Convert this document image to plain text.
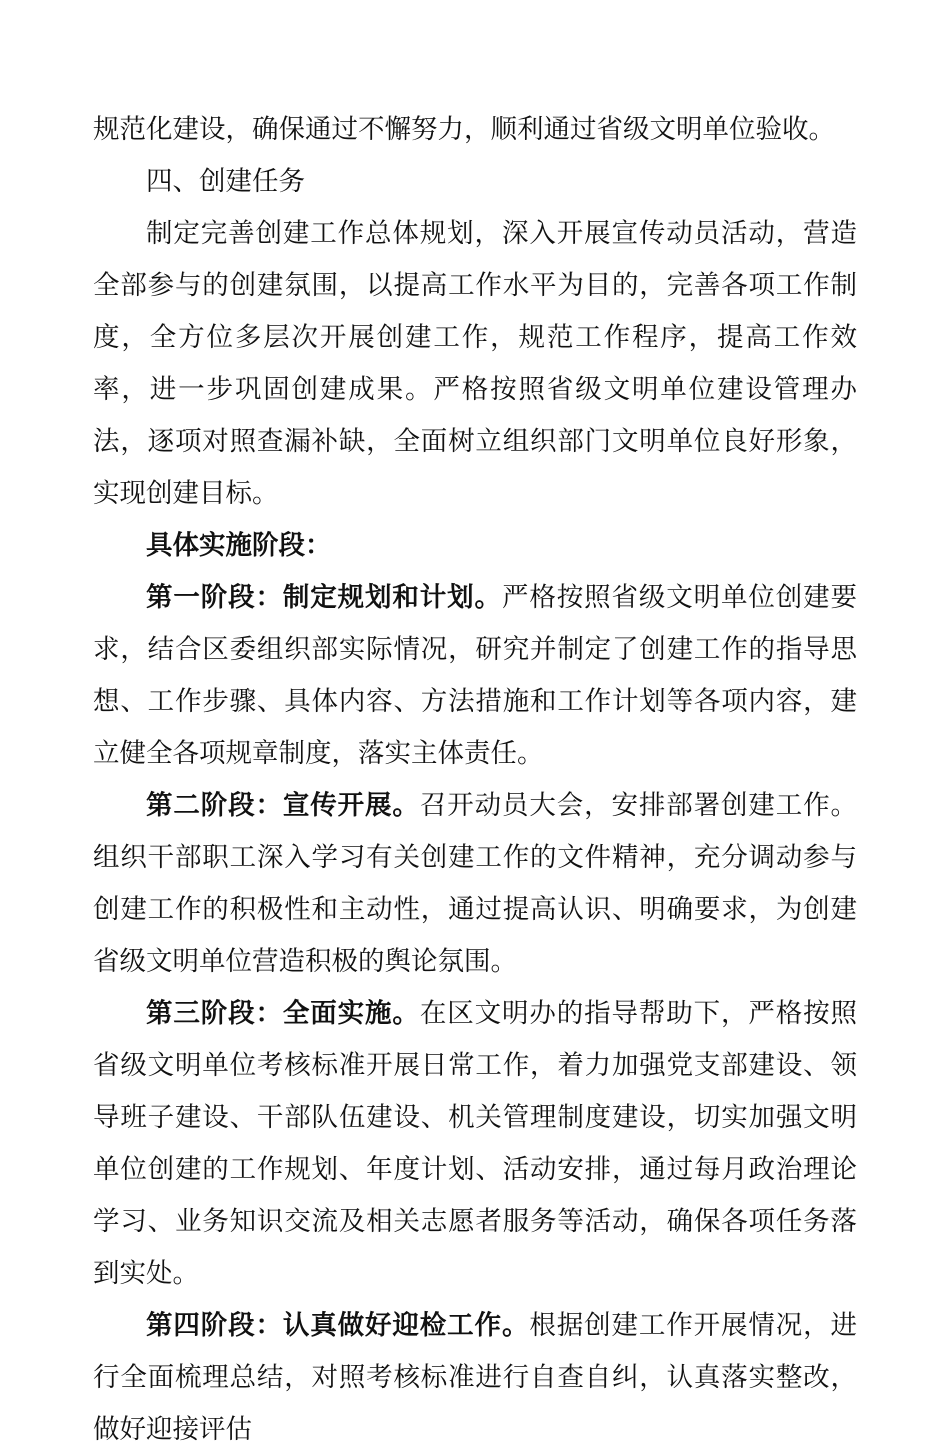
规范化建设，确保通过不懈努力，顺利通过省级文明单位验收。

四、创建任务

制定完善创建工作总体规划，深入开展宣传动员活动，营造全部参与的创建氛围，以提高工作水平为目的，完善各项工作制度，全方位多层次开展创建工作，规范工作程序，提高工作效率，进一步巩固创建成果。严格按照省级文明单位建设管理办法，逐项对照查漏补缺，全面树立组织部门文明单位良好形象，实现创建目标。

具体实施阶段：

第一阶段：制定规划和计划。严格按照省级文明单位创建要求，结合区委组织部实际情况，研究并制定了创建工作的指导思想、工作步骤、具体内容、方法措施和工作计划等各项内容，建立健全各项规章制度，落实主体责任。

第二阶段：宣传开展。召开动员大会，安排部署创建工作。组织干部职工深入学习有关创建工作的文件精神，充分调动参与创建工作的积极性和主动性，通过提高认识、明确要求，为创建省级文明单位营造积极的舆论氛围。

第三阶段：全面实施。在区文明办的指导帮助下，严格按照省级文明单位考核标准开展日常工作，着力加强党支部建设、领导班子建设、干部队伍建设、机关管理制度建设，切实加强文明单位创建的工作规划、年度计划、活动安排，通过每月政治理论学习、业务知识交流及相关志愿者服务等活动，确保各项任务落到实处。

第四阶段：认真做好迎检工作。根据创建工作开展情况，进行全面梳理总结，对照考核标准进行自查自纠，认真落实整改，做好迎接评估
